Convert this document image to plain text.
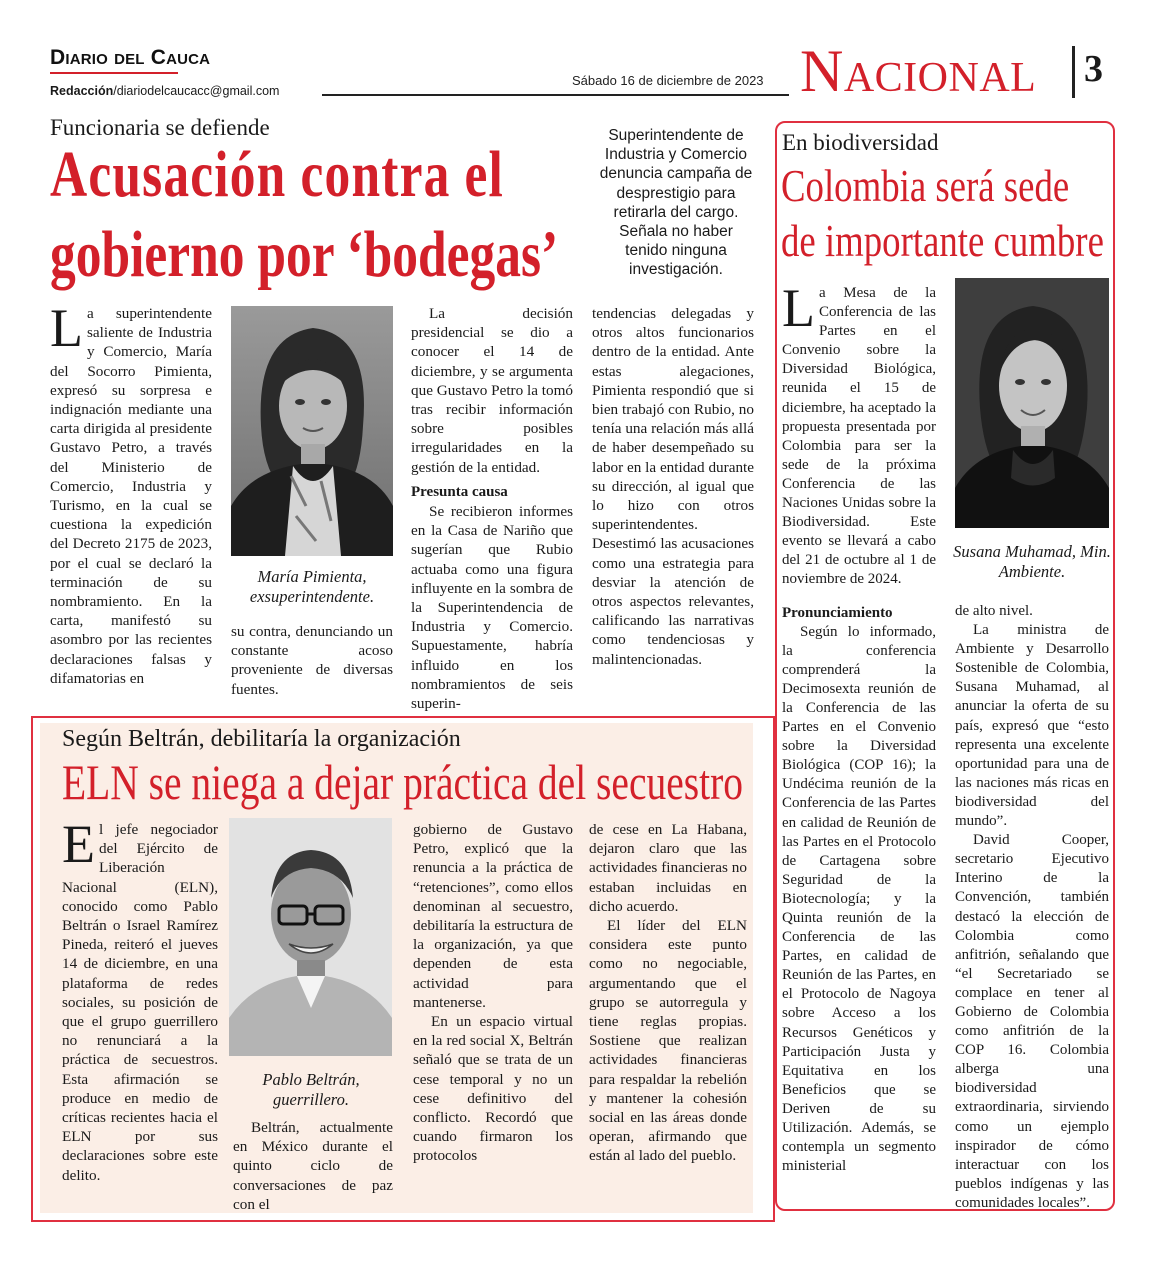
Diario del Cauca
Redacción/diariodelcaucacc@gmail.com
Sábado 16 de diciembre de 2023 Nacional 3
Funcionaria se defiende
Acusación contra el
gobierno por ‘bodegas’
Superintendente de Industria y Comercio denuncia campaña de desprestigio para retirarla del cargo. Señala no haber tenido ninguna investigación.
L a superintendente saliente de Industria y Comercio, María del Socorro Pimienta, expresó su sorpresa e indignación mediante una carta dirigida al presidente Gustavo Petro, a través del Ministerio de Comercio, Industria y Turismo, en la cual se cuestiona la expedición del Decreto 2175 de 2023, por el cual se declaró la terminación de su nombramiento. En la carta, manifestó su asombro por las recientes declaraciones falsas y difamatorias en
María Pimienta, exsuperintendente.

su contra, denunciando un constante acoso proveniente de diversas fuentes.

La decisión presidencial se dio a conocer el 14 de diciembre, y se argumenta que Gustavo Petro la tomó tras recibir información sobre posibles irregularidades en la gestión de la entidad.

Presunta causa

Se recibieron informes en la Casa de Nariño que sugerían que Rubio actuaba como una figura influyente en la sombra de la Superintendencia de Industria y Comercio. Supuestamente, habría influido en los nombramientos de seis superin-

tendencias delegadas y otros altos funcionarios dentro de la entidad. Ante estas alegaciones, Pimienta respondió que si bien trabajó con Rubio, no tenía una relación más allá de haber desempeñado su labor en la entidad durante su dirección, al igual que lo hizo con otros superintendentes. Desestimó las acusaciones como una estrategia para desviar la atención de otros aspectos relevantes, calificando las narrativas como tendenciosas y malintencionadas.

En biodiversidad
Colombia será sede
de importante cumbre
L a Mesa de la Conferencia de las Partes en el Convenio sobre la Diversidad Biológica, reunida el 15 de diciembre, ha aceptado la propuesta presentada por Colombia para ser la sede de la próxima Conferencia de las Naciones Unidas sobre la Biodiversidad. Este evento se llevará a cabo del 21 de octubre al 1 de noviembre de 2024.
Pronunciamiento

Según lo informado, la conferencia comprenderá la Decimosexta reunión de la Conferencia de las Partes en el Convenio sobre la Diversidad Biológica (COP 16); la Undécima reunión de la Conferencia de las Partes en calidad de Reunión de las Partes en el Protocolo de Cartagena sobre Seguridad de la Biotecnología; y la Quinta reunión de la Conferencia de las Partes, en calidad de Reunión de las Partes, en el Protocolo de Nagoya sobre Acceso a los Recursos Genéticos y Participación Justa y Equitativa en los Beneficios que se Deriven de su Utilización. Además, se contempla un segmento ministerial

Susana Muhamad, Min. Ambiente.

de alto nivel.

La ministra de Ambiente y Desarrollo Sostenible de Colombia, Susana Muhamad, al anunciar la oferta de su país, expresó que “esto representa una excelente oportunidad para una de las naciones más ricas en biodiversidad del mundo”.

David Cooper, secretario Ejecutivo Interino de la Convención, también destacó la elección de Colombia como anfitrión, señalando que “el Secretariado se complace en tener al Gobierno de Colombia como anfitrión de la COP 16. Colombia alberga una biodiversidad extraordinaria, sirviendo como un ejemplo inspirador de cómo interactuar con los pueblos indígenas y las comunidades locales”.

Según Beltrán, debilitaría la organización
ELN se niega a dejar práctica del secuestro
E l jefe negociador del Ejército de Liberación Nacional (ELN), conocido como Pablo Beltrán o Israel Ramírez Pineda, reiteró el jueves 14 de diciembre, en una plataforma de redes sociales, su posición de que el grupo guerrillero no renunciará a la práctica de secuestros. Esta afirmación se produce en medio de críticas recientes hacia el ELN por sus declaraciones sobre este delito.
Pablo Beltrán, guerrillero.

Beltrán, actualmente en México durante el quinto ciclo de conversaciones de paz con el

gobierno de Gustavo Petro, explicó que la renuncia a la práctica de “retenciones”, como ellos denominan al secuestro, debilitaría la estructura de la organización, ya que dependen de esta actividad para mantenerse.

En un espacio virtual en la red social X, Beltrán señaló que se trata de un cese temporal y no un cese definitivo del conflicto. Recordó que cuando firmaron los protocolos

de cese en La Habana, dejaron claro que las actividades financieras no estaban incluidas en dicho acuerdo.

El líder del ELN considera este punto como no negociable, argumentando que el grupo se autorregula y tiene reglas propias. Sostiene que realizan actividades financieras para respaldar la rebelión y mantener la cohesión social en las áreas donde operan, afirmando que están al lado del pueblo.
